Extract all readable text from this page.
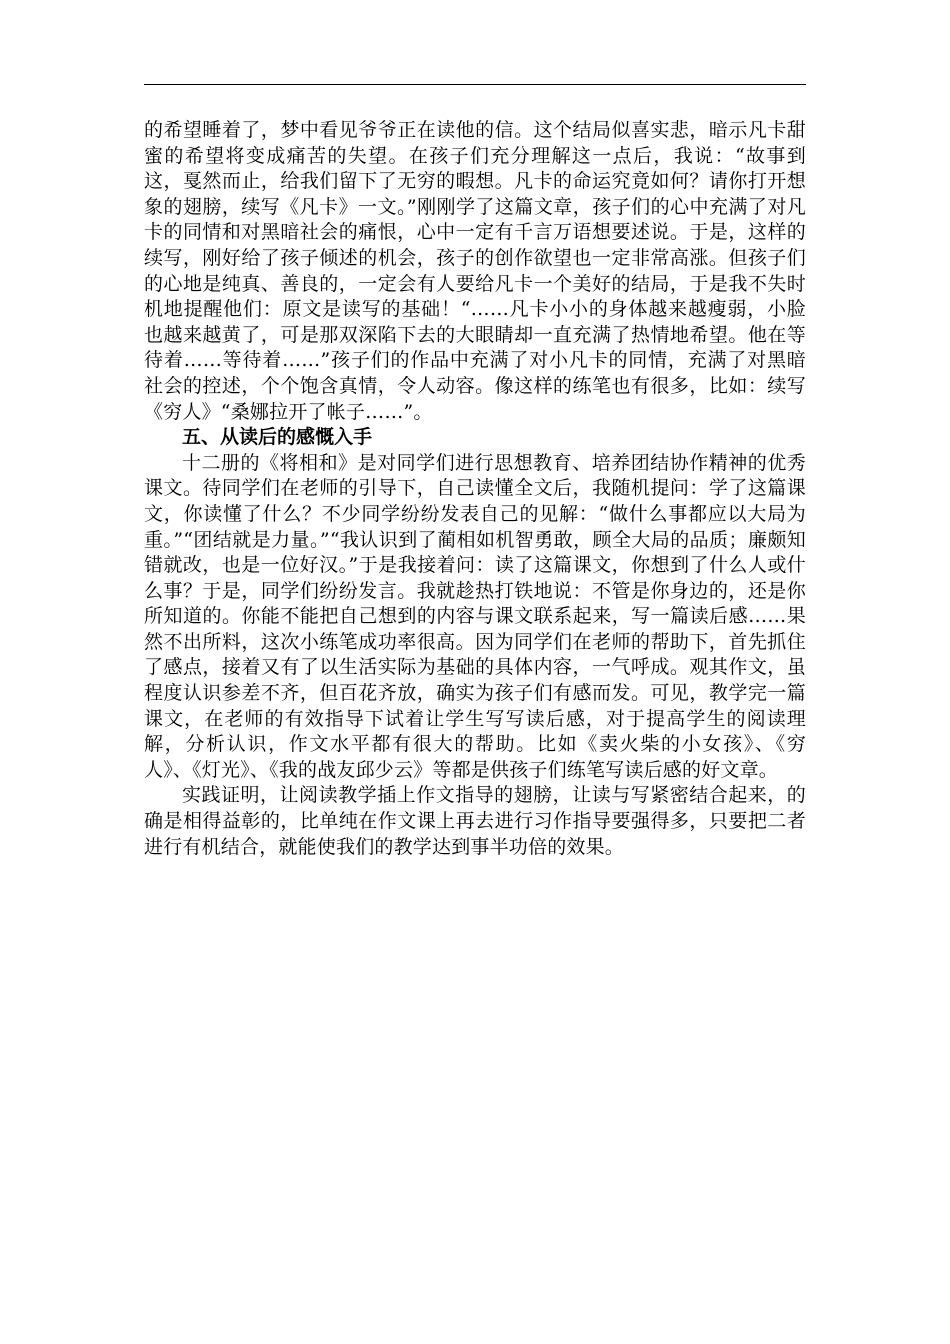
的希望睡着了，梦中看见爷爷正在读他的信。这个结局似喜实悲，暗示凡卡甜蜜的希望将变成痛苦的失望。在孩子们充分理解这一点后，我说：“故事到这，戛然而止，给我们留下了无穷的暇想。凡卡的命运究竟如何？请你打开想象的翅膀，续写《凡卡》一文。”刚刚学了这篇文章，孩子们的心中充满了对凡卡的同情和对黑暗社会的痛恨，心中一定有千言万语想要述说。于是，这样的续写，刚好给了孩子倾述的机会，孩子的创作欲望也一定非常高涨。但孩子们的心地是纯真、善良的，一定会有人要给凡卡一个美好的结局，于是我不失时机地提醒他们：原文是读写的基础！“……凡卡小小的身体越来越瘦弱，小脸也越来越黄了，可是那双深陷下去的大眼睛却一直充满了热情地希望。他在等待着……等待着……”孩子们的作品中充满了对小凡卡的同情，充满了对黑暗社会的控述，个个饱含真情，令人动容。像这样的练笔也有很多，比如：续写《穷人》“桑娜拉开了帐子……”。

五、从读后的感慨入手

十二册的《将相和》是对同学们进行思想教育、培养团结协作精神的优秀课文。待同学们在老师的引导下，自己读懂全文后，我随机提问：学了这篇课文，你读懂了什么？不少同学纷纷发表自己的见解：“做什么事都应以大局为重。”“团结就是力量。”“我认识到了蔺相如机智勇敢，顾全大局的品质；廉颇知错就改，也是一位好汉。”于是我接着问：读了这篇课文，你想到了什么人或什么事？于是，同学们纷纷发言。我就趁热打铁地说：不管是你身边的，还是你所知道的。你能不能把自己想到的内容与课文联系起来，写一篇读后感……果然不出所料，这次小练笔成功率很高。因为同学们在老师的帮助下，首先抓住了感点，接着又有了以生活实际为基础的具体内容，一气呼成。观其作文，虽程度认识参差不齐，但百花齐放，确实为孩子们有感而发。可见，教学完一篇课文，在老师的有效指导下试着让学生写写读后感，对于提高学生的阅读理解，分析认识，作文水平都有很大的帮助。比如《卖火柴的小女孩》、《穷人》、《灯光》、《我的战友邱少云》等都是供孩子们练笔写读后感的好文章。

实践证明，让阅读教学插上作文指导的翅膀，让读与写紧密结合起来，的确是相得益彰的，比单纯在作文课上再去进行习作指导要强得多，只要把二者进行有机结合，就能使我们的教学达到事半功倍的效果。
